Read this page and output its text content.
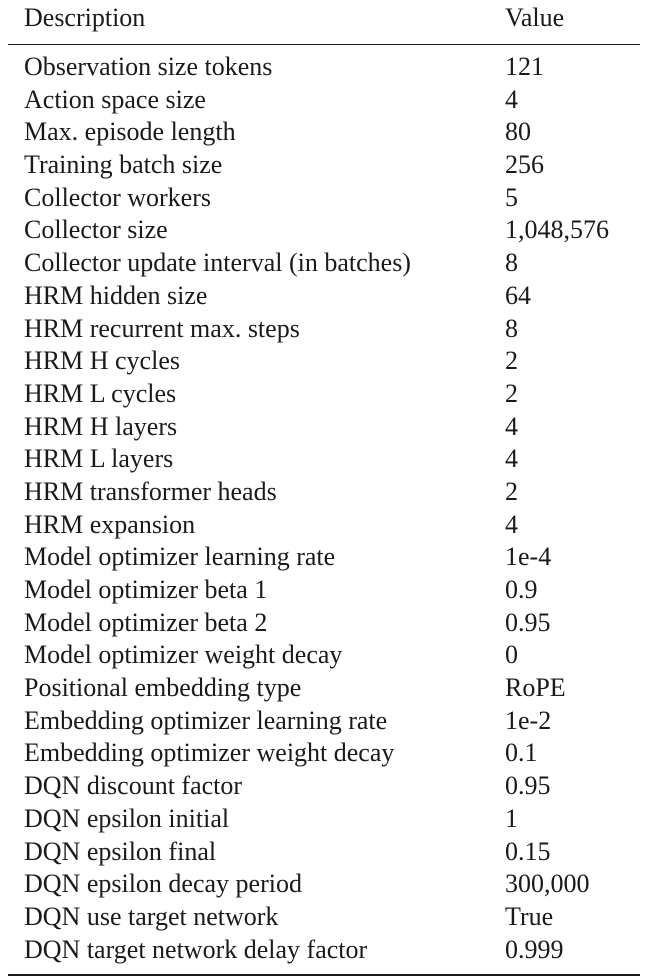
Description	Value
Observation size tokens	121
Action space size	4
Max. episode length	80
Training batch size	256
Collector workers	5
Collector size	1,048,576
Collector update interval (in batches)	8
HRM hidden size	64
HRM recurrent max. steps	8
HRM H cycles	2
HRM L cycles	2
HRM H layers	4
HRM L layers	4
HRM transformer heads	2
HRM expansion	4
Model optimizer learning rate	1e-4
Model optimizer beta 1	0.9
Model optimizer beta 2	0.95
Model optimizer weight decay	0
Positional embedding type	RoPE
Embedding optimizer learning rate	1e-2
Embedding optimizer weight decay	0.1
DQN discount factor	0.95
DQN epsilon initial	1
DQN epsilon final	0.15
DQN epsilon decay period	300,000
DQN use target network	True
DQN target network delay factor	0.999
